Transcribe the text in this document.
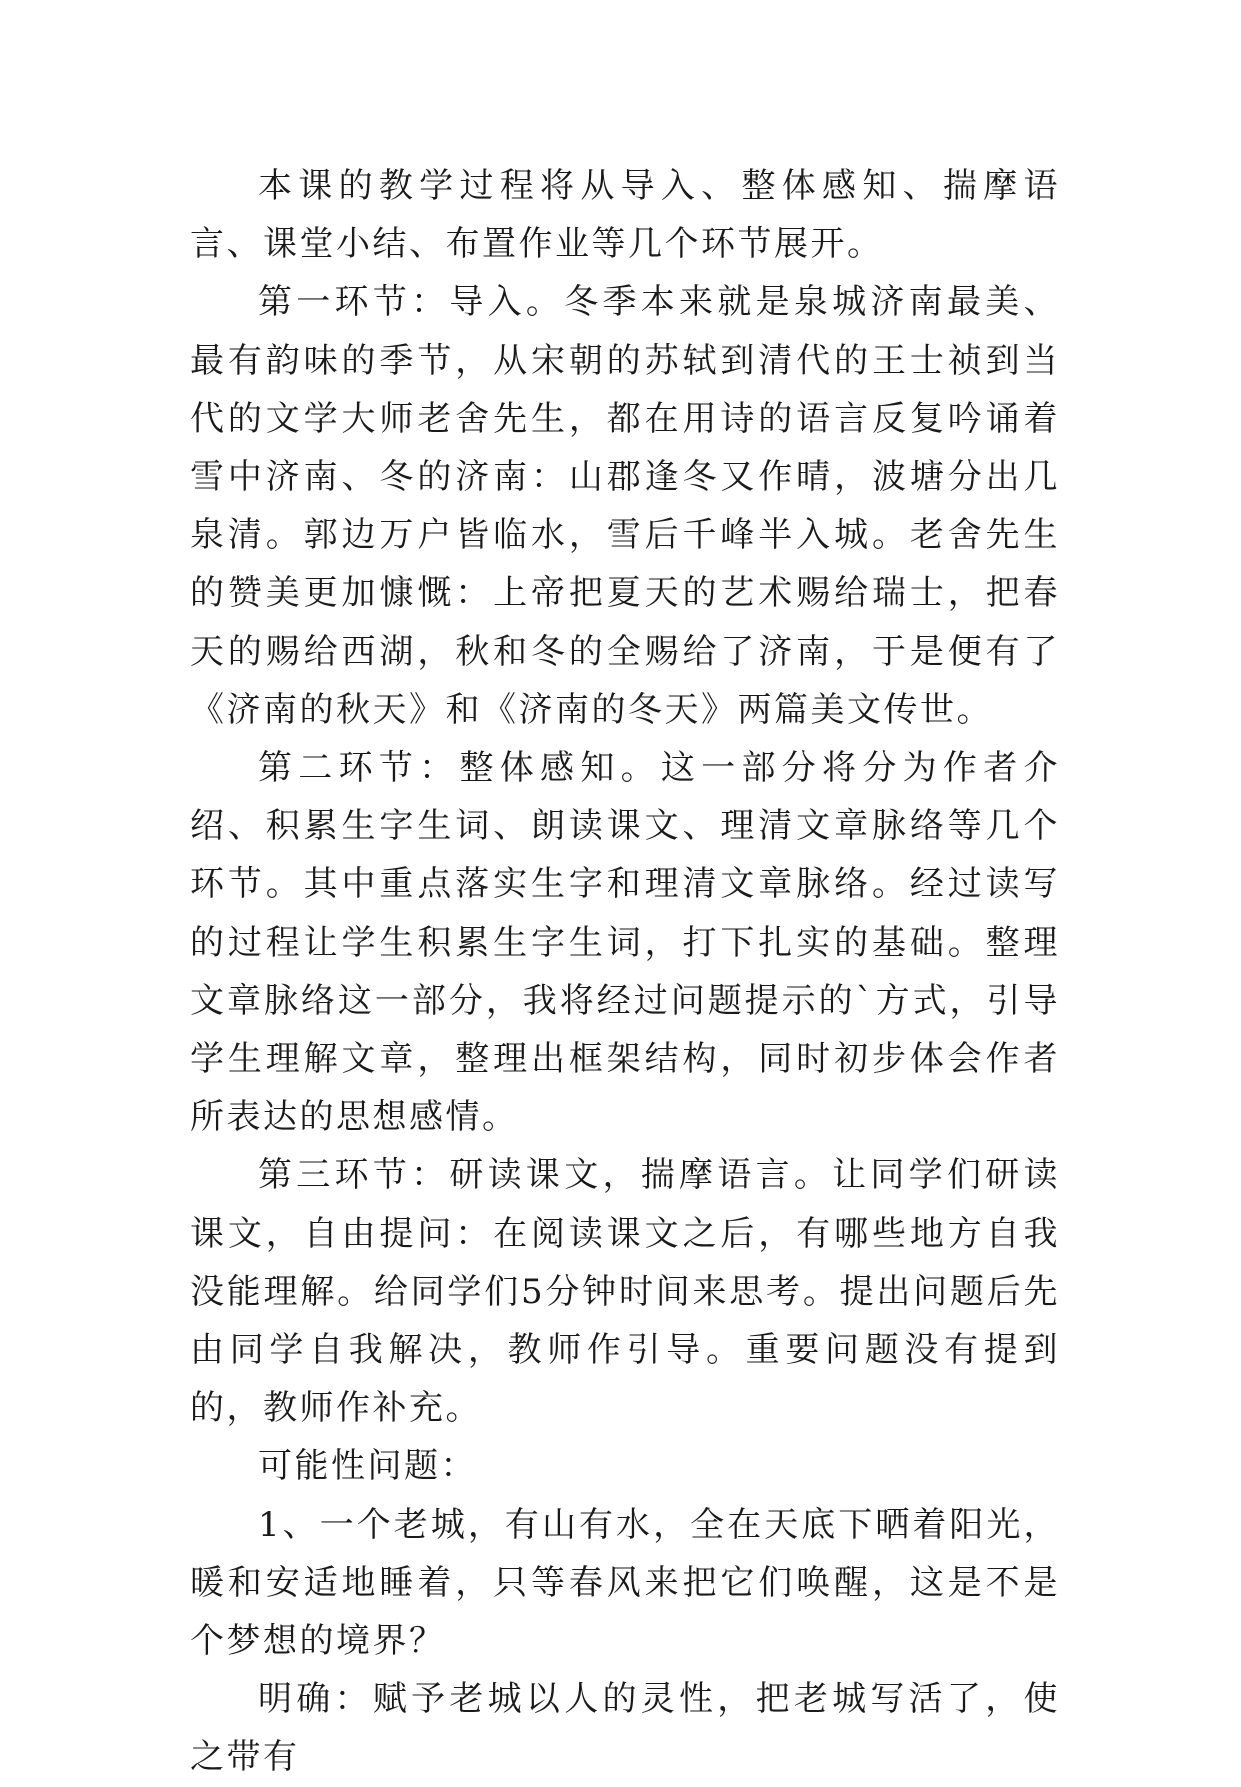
本课的教学过程将从导入、整体感知、揣摩语言、课堂小结、布置作业等几个环节展开。

第一环节：导入。冬季本来就是泉城济南最美、最有韵味的季节，从宋朝的苏轼到清代的王士祯到当代的文学大师老舍先生，都在用诗的语言反复吟诵着雪中济南、冬的济南：山郡逢冬又作晴，波塘分出几泉清。郭边万户皆临水，雪后千峰半入城。老舍先生的赞美更加慷慨：上帝把夏天的艺术赐给瑞士，把春天的赐给西湖，秋和冬的全赐给了济南，于是便有了《济南的秋天》和《济南的冬天》两篇美文传世。

第二环节：整体感知。这一部分将分为作者介绍、积累生字生词、朗读课文、理清文章脉络等几个环节。其中重点落实生字和理清文章脉络。经过读写的过程让学生积累生字生词，打下扎实的基础。整理文章脉络这一部分，我将经过问题提示的`方式，引导学生理解文章，整理出框架结构，同时初步体会作者所表达的思想感情。

第三环节：研读课文，揣摩语言。让同学们研读课文，自由提问：在阅读课文之后，有哪些地方自我没能理解。给同学们5分钟时间来思考。提出问题后先由同学自我解决，教师作引导。重要问题没有提到的，教师作补充。

可能性问题：

1、一个老城，有山有水，全在天底下晒着阳光，暖和安适地睡着，只等春风来把它们唤醒，这是不是个梦想的境界？

明确：赋予老城以人的灵性，把老城写活了，使之带有
